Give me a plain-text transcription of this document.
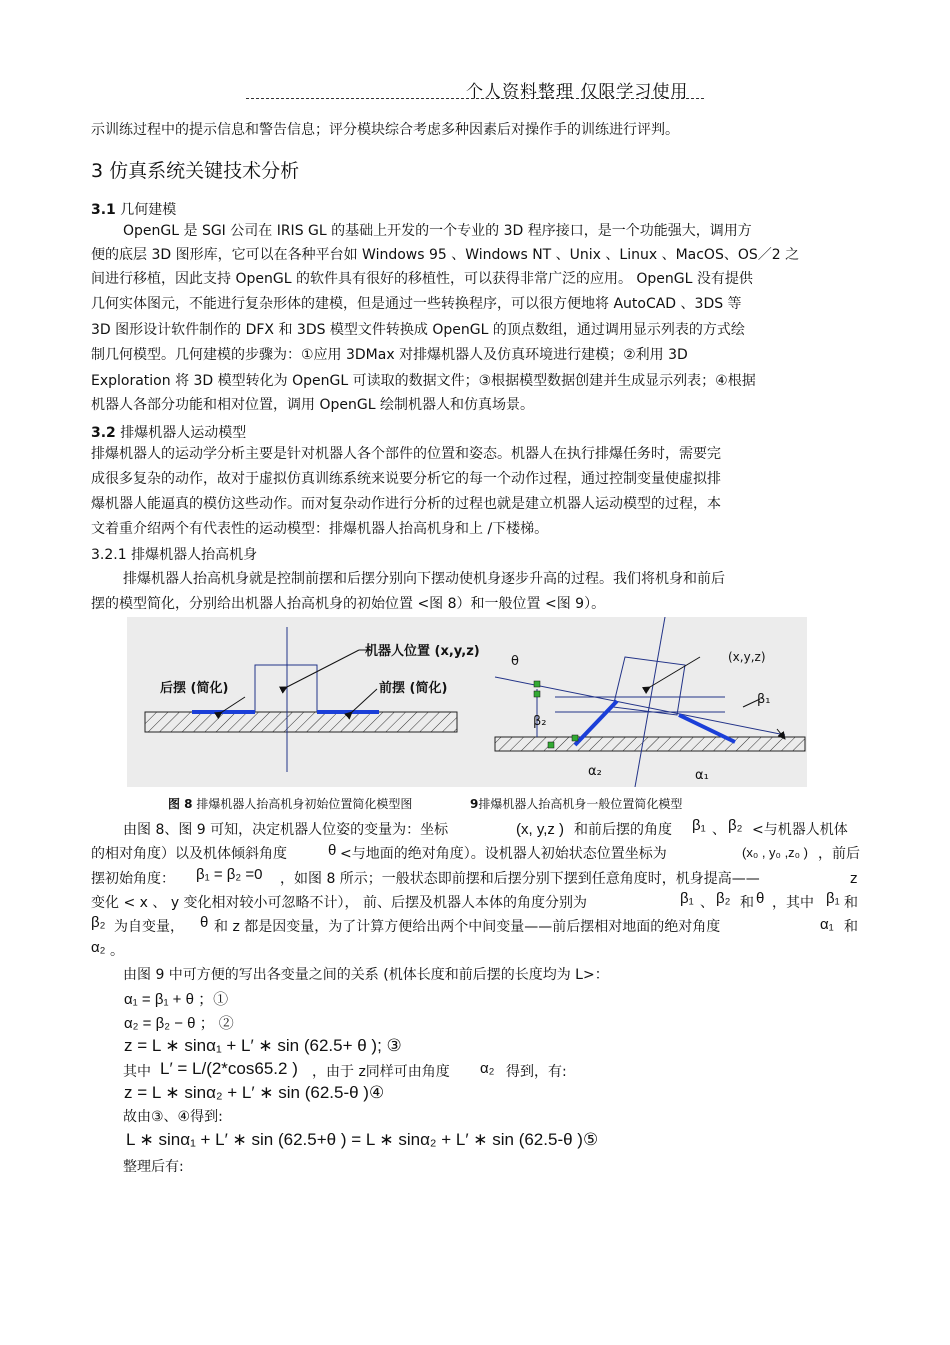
个人资料整理 仅限学习使用
示训练过程中的提示信息和警告信息；评分模块综合考虑多种因素后对操作手的训练进行评判。
3 仿真系统关键技术分析
3.1 几何建模
OpenGL 是 SGI 公司在 IRIS GL 的基础上开发的一个专业的 3D 程序接口，是一个功能强大，调用方
便的底层 3D 图形库，它可以在各种平台如 Windows 95 、Windows NT 、Unix 、Linux 、MacOS、OS／2 之
间进行移植，因此支持 OpenGL 的软件具有很好的移植性，可以获得非常广泛的应用。 OpenGL 没有提供
几何实体图元，不能进行复杂形体的建模，但是通过一些转换程序，可以很方便地将 AutoCAD 、3DS 等
3D 图形设计软件制作的 DFX 和 3DS 模型文件转换成 OpenGL 的顶点数组，通过调用显示列表的方式绘
制几何模型。几何建模的步骤为：①应用 3DMax 对排爆机器人及仿真环境进行建模；②利用 3D
Exploration 将 3D 模型转化为 OpenGL 可读取的数据文件；③根据模型数据创建并生成显示列表；④根据
机器人各部分功能和相对位置，调用 OpenGL 绘制机器人和仿真场景。
3.2 排爆机器人运动模型
排爆机器人的运动学分析主要是针对机器人各个部件的位置和姿态。机器人在执行排爆任务时，需要完
成很多复杂的动作，故对于虚拟仿真训练系统来说要分析它的每一个动作过程，通过控制变量使虚拟排
爆机器人能逼真的模仿这些动作。而对复杂动作进行分析的过程也就是建立机器人运动模型的过程，本
文着重介绍两个有代表性的运动模型：排爆机器人抬高机身和上 /下楼梯。
3.2.1 排爆机器人抬高机身
排爆机器人抬高机身就是控制前摆和后摆分别向下摆动使机身逐步升高的过程。我们将机身和前后
摆的模型简化，分别给出机器人抬高机身的初始位置 <图 8）和一般位置 <图 9）。
机器人位置 (x,y,z)
后摆 (简化)	前摆 (简化)
θ	(x,y,z)
β₁
β₂
α₂	α₁
图 8 排爆机器人抬高机身初始位置简化模型图	9排爆机器人抬高机身一般位置简化模型
由图 8、图 9 可知，决定机器人位姿的变量为：坐标	(x, y,z ) 和前后摆的角度 β₁ 、 β₂ <与机器人机体
的相对角度）以及机体倾斜角度	θ <与地面的绝对角度）。设机器人初始状态位置坐标为	(x₀ , y₀ ,z₀ ) ，前后
摆初始角度： β₁ = β₂ =0 ，如图 8 所示；一般状态即前摆和后摆分别下摆到任意角度时，机身提高——	z
变化 < x 、 y 变化相对较小可忽略不计）， 前、后摆及机器人本体的角度分别为	β₁ 、 β₂ 和 θ ，其中 β₁ 和
β₂ 为自变量， θ 和 z 都是因变量，为了计算方便给出两个中间变量——前后摆相对地面的绝对角度	α₁ 和
α₂ 。
由图 9 中可方便的写出各变量之间的关系 (机体长度和前后摆的长度均为 L>：
α₁ = β₁ + θ ；①
α₂ = β₂ − θ ； ②
z = L ∗ sinα₁ + L′ ∗ sin (62.5+ θ ); ③
其中 L′ = L/(2*cos65.2 ) ，由于 z同样可由角度 α₂ 得到，有:
z = L ∗ sinα₂ + L′ ∗ sin (62.5-θ )④
故由③、④得到:
L ∗ sinα₁ + L′ ∗ sin (62.5+θ ) = L ∗ sinα₂ + L′ ∗ sin (62.5-θ )⑤
整理后有:
